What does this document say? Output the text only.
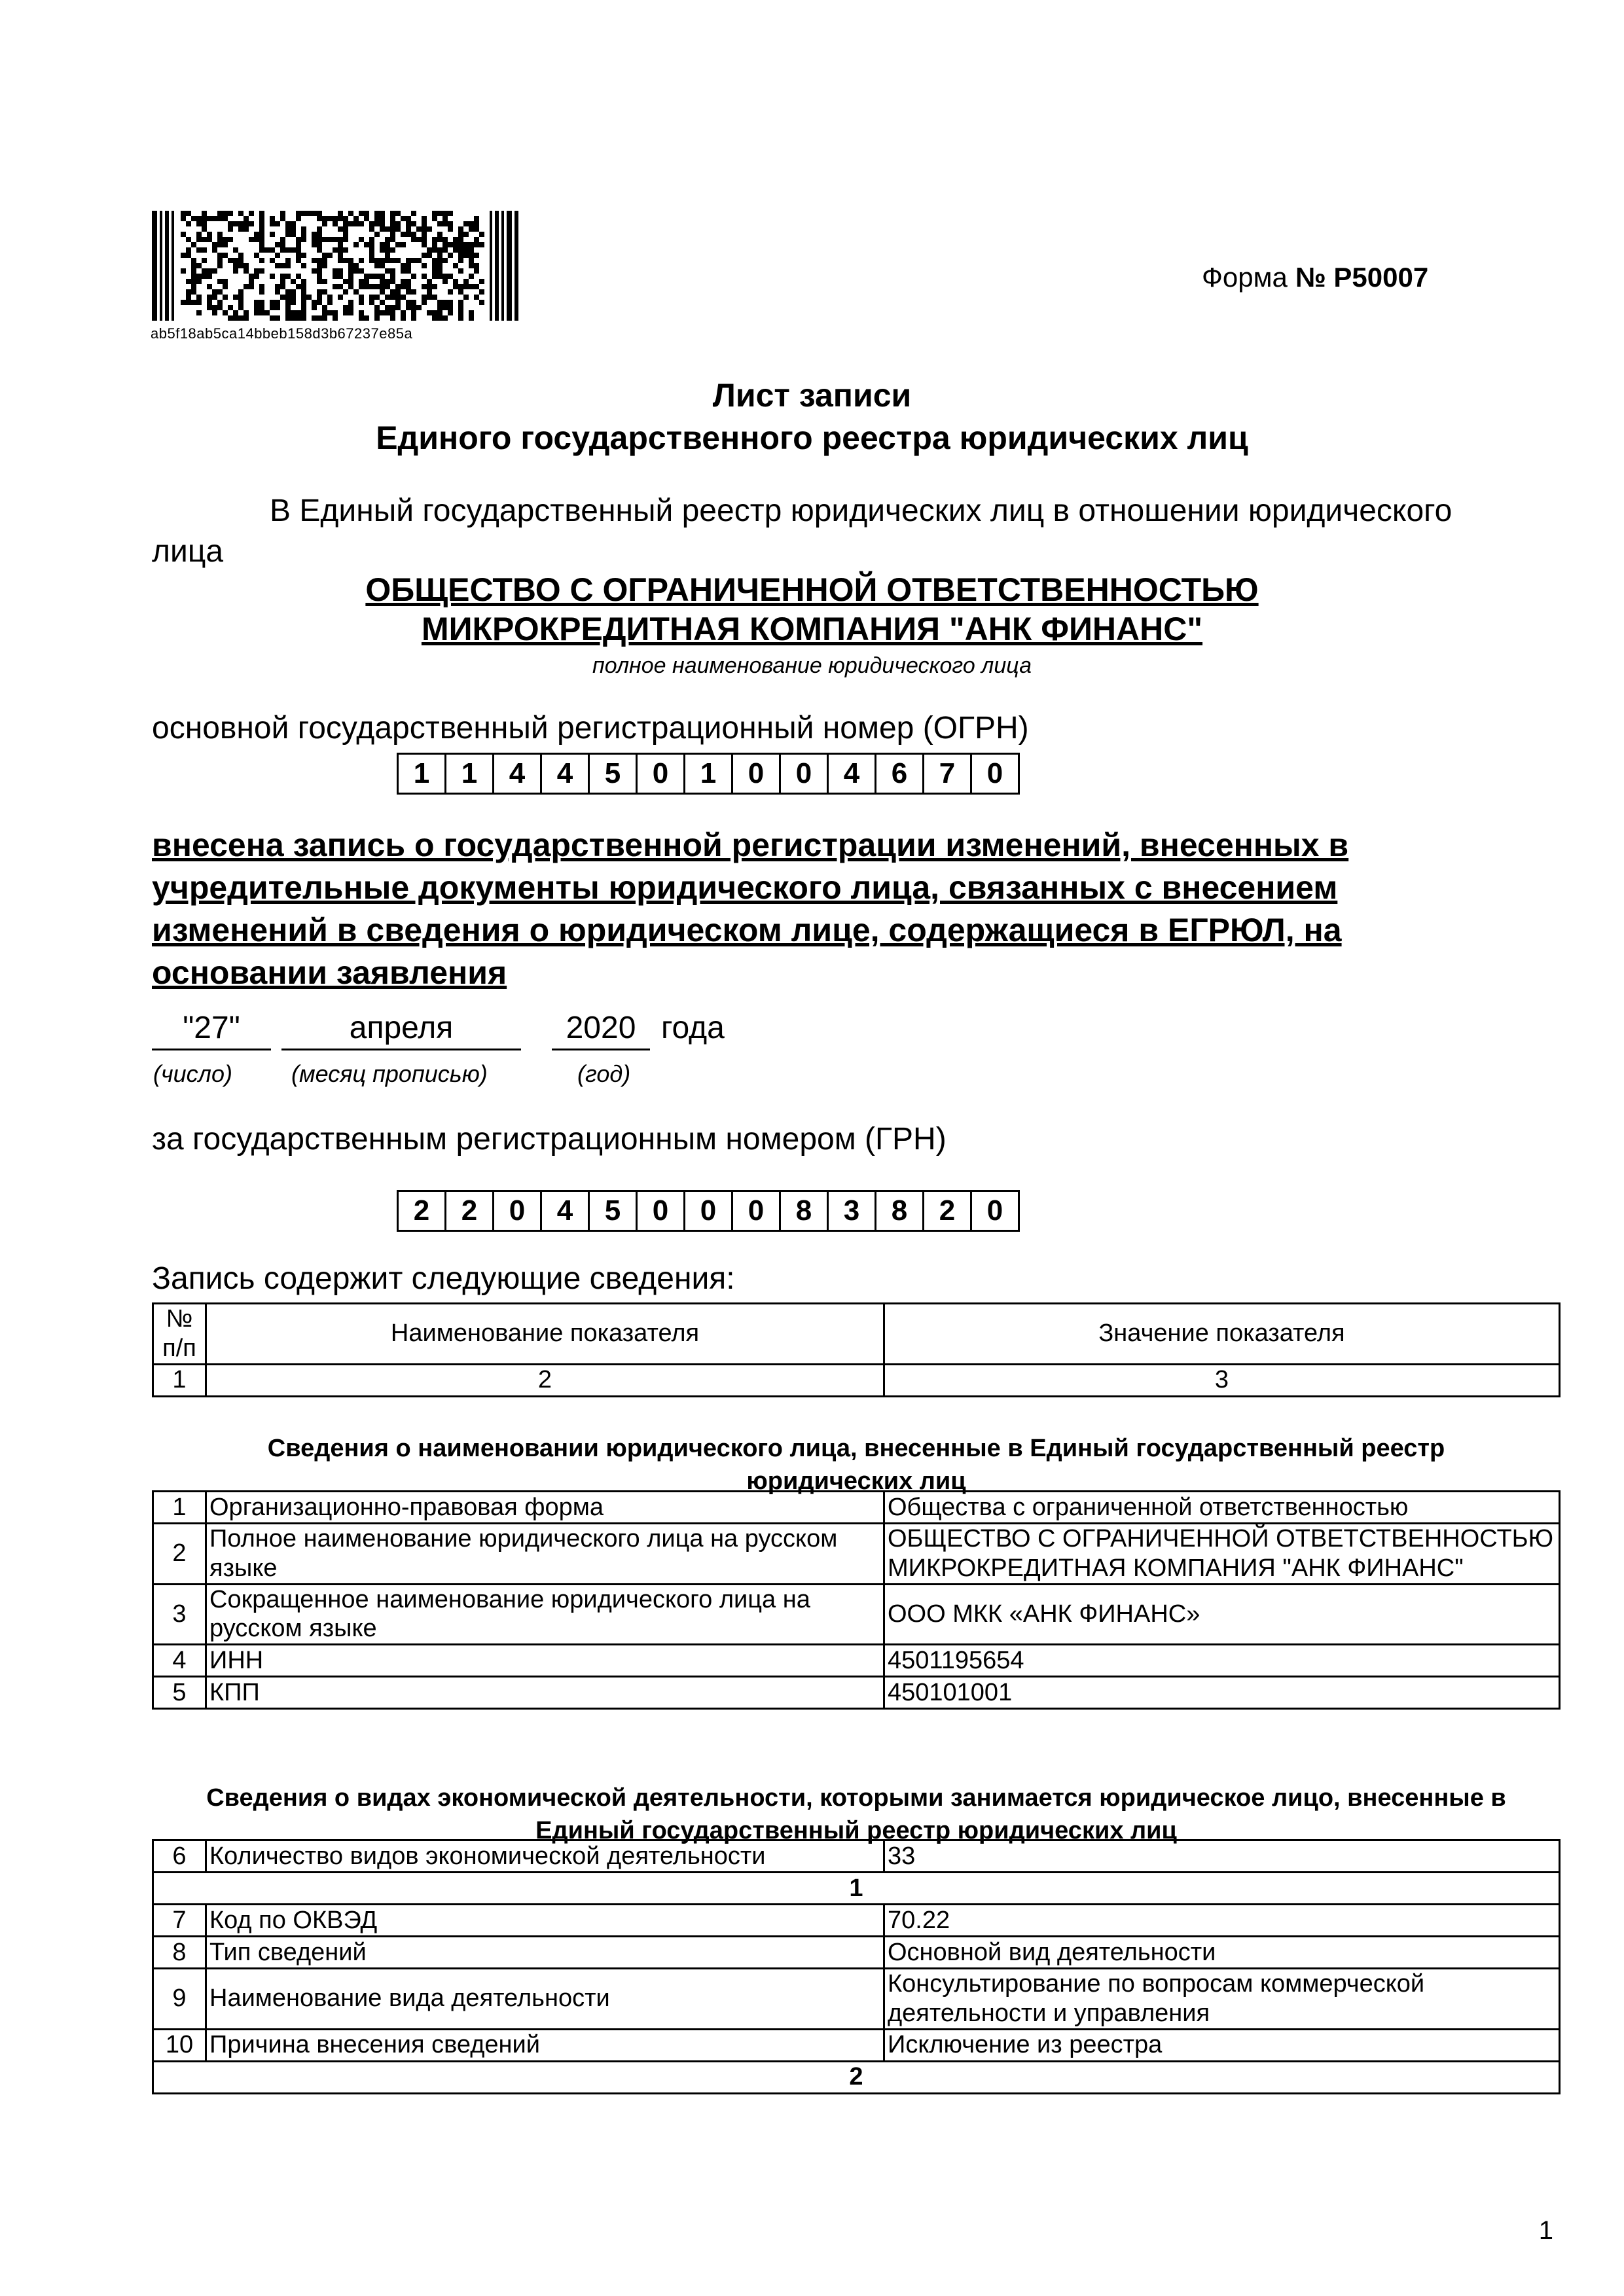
ab5f18ab5ca14bbeb158d3b67237e85a
Форма № Р50007
Лист записи
Единого государственного реестра юридических лиц
В Единый государственный реестр юридических лиц в отношении юридического
лица
ОБЩЕСТВО С ОГРАНИЧЕННОЙ ОТВЕТСТВЕННОСТЬЮ
МИКРОКРЕДИТНАЯ КОМПАНИЯ "АНК ФИНАНС"
полное наименование юридического лица
основной государственный регистрационный номер (ОГРН)
1	1	4	4	5	0	1	0	0	4	6	7	0
внесена запись о государственной регистрации изменений, внесенных в
учредительные документы юридического лица, связанных с внесением
изменений в сведения о юридическом лице, содержащиеся в ЕГРЮЛ, на
основании заявления
"27"	апреля	2020 года
(число)	(месяц прописью)	(год)
за государственным регистрационным номером (ГРН)
2	2	0	4	5	0	0	0	8	3	8	2	0
Запись содержит следующие сведения:
№ п/п	Наименование показателя	Значение показателя
1	2	3
Сведения о наименовании юридического лица, внесенные в Единый государственный реестр
юридических лиц
1	Организационно-правовая форма	Общества с ограниченной ответственностью
2	Полное наименование юридического лица на русском языке	ОБЩЕСТВО С ОГРАНИЧЕННОЙ ОТВЕТСТВЕННОСТЬЮ МИКРОКРЕДИТНАЯ КОМПАНИЯ "АНК ФИНАНС"
3	Сокращенное наименование юридического лица на русском языке	ООО МКК «АНК ФИНАНС»
4	ИНН	4501195654
5	КПП	450101001
Сведения о видах экономической деятельности, которыми занимается юридическое лицо, внесенные в
Единый государственный реестр юридических лиц
6	Количество видов экономической деятельности	33
1		
7	Код по ОКВЭД	70.22
8	Тип сведений	Основной вид деятельности
9	Наименование вида деятельности	Консультирование по вопросам коммерческой деятельности и управления
10	Причина внесения сведений	Исключение из реестра
2		
1
